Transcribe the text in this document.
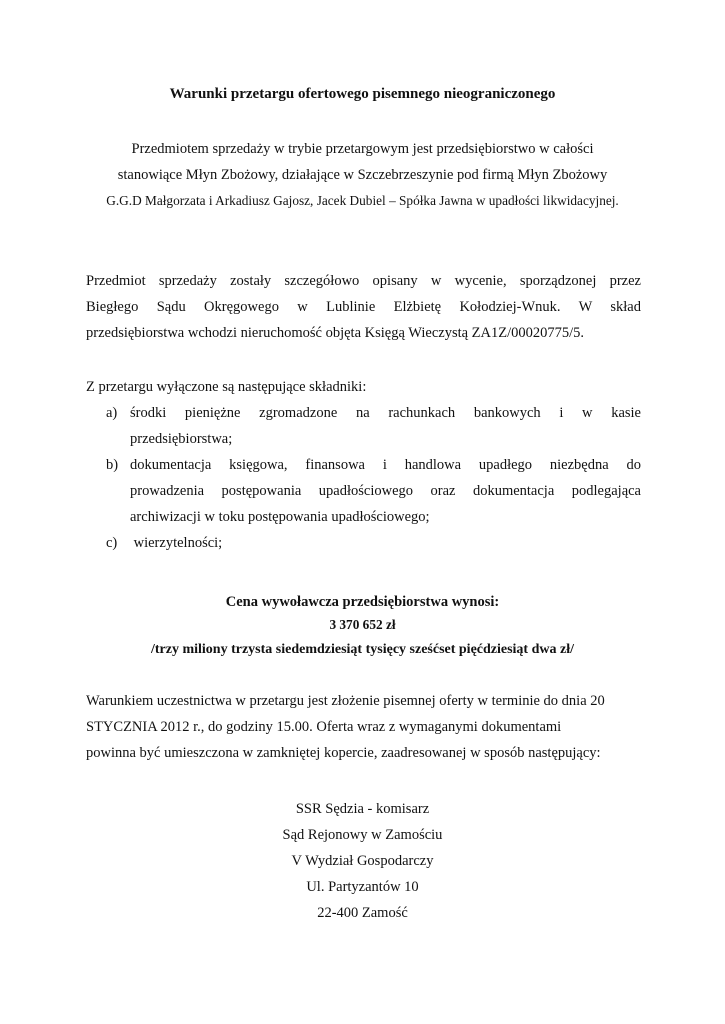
Warunki przetargu ofertowego pisemnego nieograniczonego
Przedmiotem sprzedaży w trybie przetargowym jest przedsiębiorstwo w całości
stanowiące Młyn Zbożowy, działające w Szczebrzeszynie pod firmą Młyn Zbożowy
G.G.D Małgorzata i Arkadiusz Gajosz, Jacek Dubiel – Spółka Jawna w upadłości likwidacyjnej.
Przedmiot sprzedaży zostały szczegółowo opisany w wycenie, sporządzonej przez
Biegłego Sądu Okręgowego w Lublinie Elżbietę Kołodziej-Wnuk. W skład
przedsiębiorstwa wchodzi nieruchomość objęta Księgą Wieczystą ZA1Z/00020775/5.
Z przetargu wyłączone są następujące składniki:
a) środki pieniężne zgromadzone na rachunkach bankowych i w kasie
przedsiębiorstwa;
b) dokumentacja księgowa, finansowa i handlowa upadłego niezbędna do
prowadzenia postępowania upadłościowego oraz dokumentacja podlegająca
archiwizacji w toku postępowania upadłościowego;
c) wierzytelności;
Cena wywoławcza przedsiębiorstwa wynosi:
3 370 652 zł
/trzy miliony trzysta siedemdziesiąt tysięcy sześćset pięćdziesiąt dwa zł/
Warunkiem uczestnictwa w przetargu jest złożenie pisemnej oferty w terminie do dnia 20
STYCZNIA 2012 r., do godziny 15.00. Oferta wraz z wymaganymi dokumentami
powinna być umieszczona w zamkniętej kopercie, zaadresowanej w sposób następujący:
SSR Sędzia - komisarz
Sąd Rejonowy w Zamościu
V Wydział Gospodarczy
Ul. Partyzantów 10
22-400 Zamość
